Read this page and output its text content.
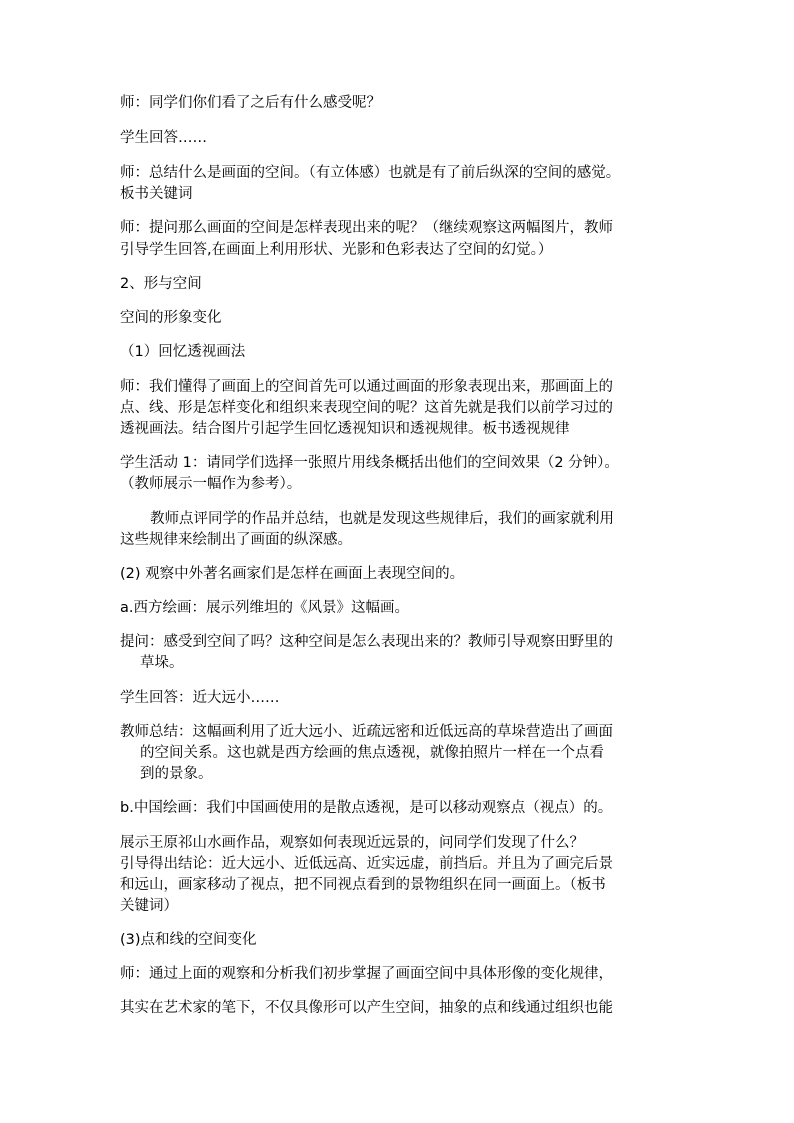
师：同学们你们看了之后有什么感受呢？

学生回答……

师：总结什么是画面的空间。（有立体感）也就是有了前后纵深的空间的感觉。

板书关键词

师：提问那么画面的空间是怎样表现出来的呢？（继续观察这两幅图片，教师

引导学生回答,在画面上利用形状、光影和色彩表达了空间的幻觉。）

2、形与空间

空间的形象变化

（1）回忆透视画法

师：我们懂得了画面上的空间首先可以通过画面的形象表现出来，那画面上的

点、线、形是怎样变化和组织来表现空间的呢？这首先就是我们以前学习过的

透视画法。结合图片引起学生回忆透视知识和透视规律。板书透视规律

学生活动 1：请同学们选择一张照片用线条概括出他们的空间效果（2 分钟）。

（教师展示一幅作为参考）。

教师点评同学的作品并总结，也就是发现这些规律后，我们的画家就利用

这些规律来绘制出了画面的纵深感。

(2) 观察中外著名画家们是怎样在画面上表现空间的。

a.西方绘画：展示列维坦的《风景》这幅画。

提问：感受到空间了吗？这种空间是怎么表现出来的？教师引导观察田野里的

草垛。

学生回答：近大远小……

教师总结：这幅画利用了近大远小、近疏远密和近低远高的草垛营造出了画面

的空间关系。这也就是西方绘画的焦点透视，就像拍照片一样在一个点看

到的景象。

b.中国绘画：我们中国画使用的是散点透视，是可以移动观察点（视点）的。

展示王原祁山水画作品，观察如何表现近远景的，问同学们发现了什么？

引导得出结论：近大远小、近低远高、近实远虚，前挡后。并且为了画完后景

和远山，画家移动了视点，把不同视点看到的景物组织在同一画面上。（板书

关键词）

(3)点和线的空间变化

师：通过上面的观察和分析我们初步掌握了画面空间中具体形像的变化规律，

其实在艺术家的笔下，不仅具像形可以产生空间，抽象的点和线通过组织也能
